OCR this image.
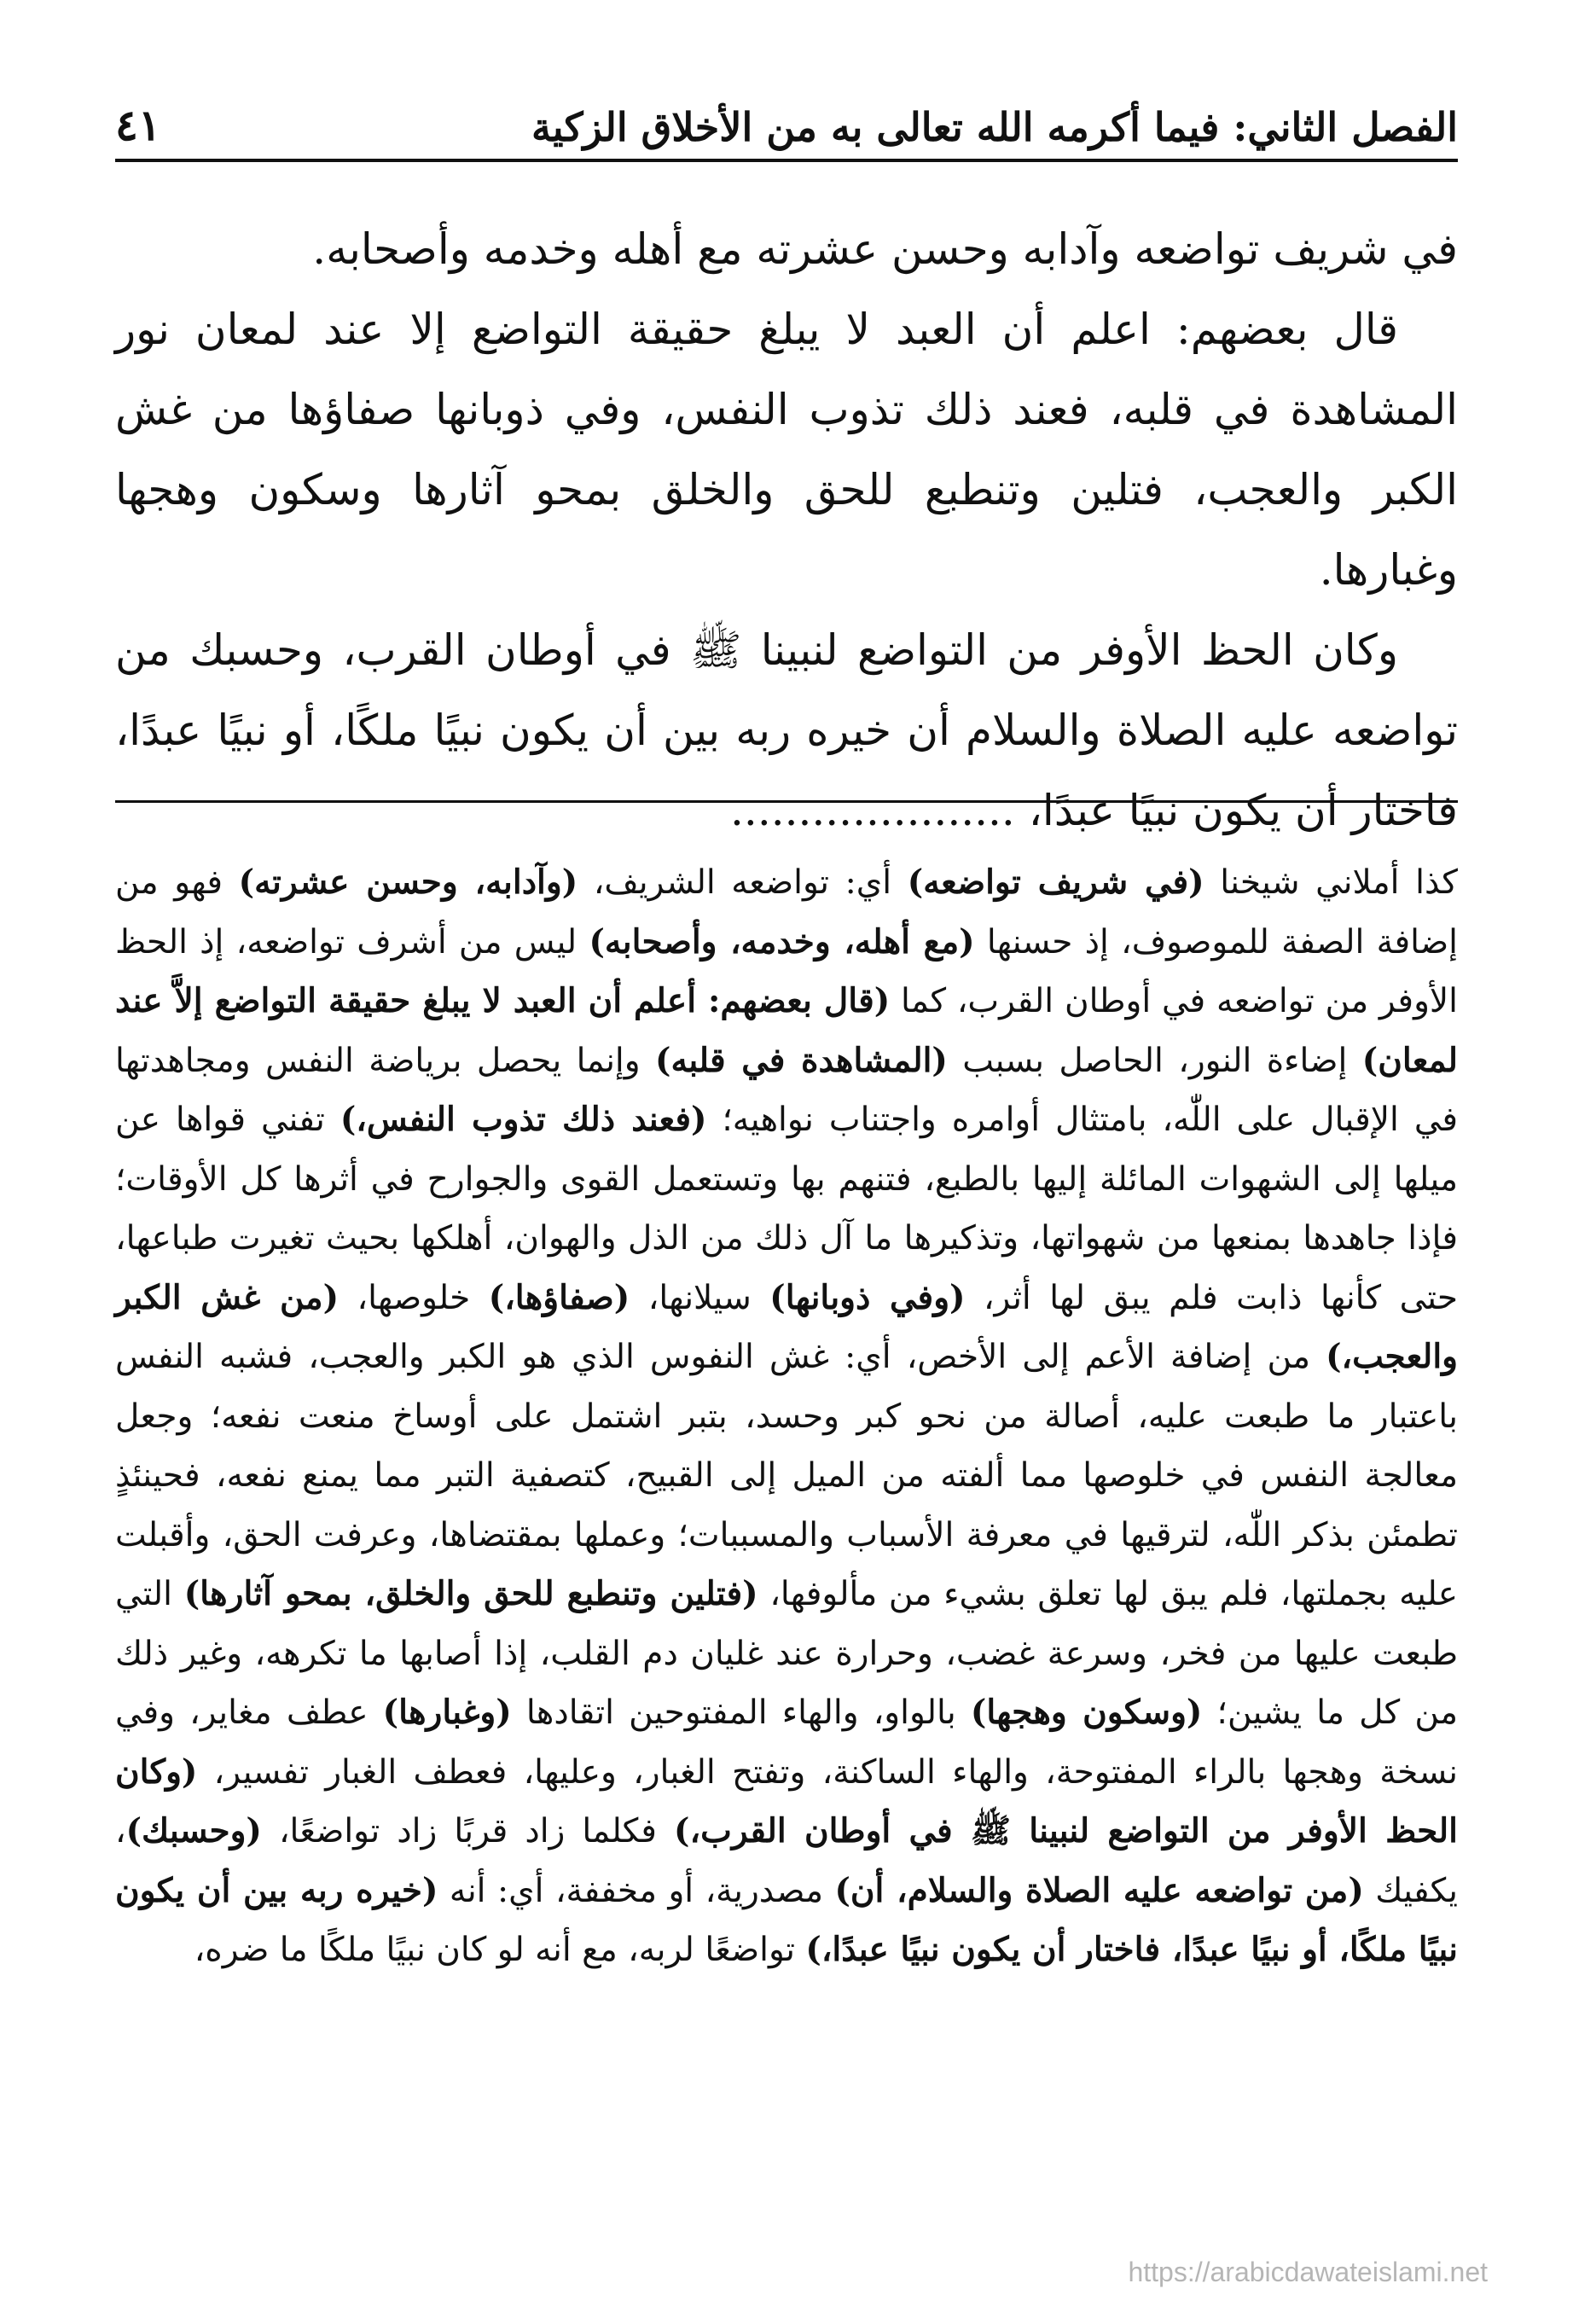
الفصل الثاني: فيما أكرمه الله تعالى به من الأخلاق الزكية
٤١

في شريف تواضعه وآدابه وحسن عشرته مع أهله وخدمه وأصحابه.

قال بعضهم: اعلم أن العبد لا يبلغ حقيقة التواضع إلا عند لمعان نور المشاهدة في قلبه، فعند ذلك تذوب النفس، وفي ذوبانها صفاؤها من غش الكبر والعجب، فتلين وتنطبع للحق والخلق بمحو آثارها وسكون وهجها وغبارها.

وكان الحظ الأوفر من التواضع لنبينا ﷺ في أوطان القرب، وحسبك من تواضعه عليه الصلاة والسلام أن خيره ربه بين أن يكون نبيًا ملكًا، أو نبيًا عبدًا، فاختار أن يكون نبيًا عبدًا، .....................

كذا أملاني شيخنا (في شريف تواضعه) أي: تواضعه الشريف، (وآدابه، وحسن عشرته) فهو من إضافة الصفة للموصوف، إذ حسنها (مع أهله، وخدمه، وأصحابه) ليس من أشرف تواضعه، إذ الحظ الأوفر من تواضعه في أوطان القرب، كما (قال بعضهم: أعلم أن العبد لا يبلغ حقيقة التواضع إلاَّ عند لمعان) إضاءة النور، الحاصل بسبب (المشاهدة في قلبه) وإنما يحصل برياضة النفس ومجاهدتها في الإقبال على اللّٰه، بامتثال أوامره واجتناب نواهيه؛ (فعند ذلك تذوب النفس،) تفني قواها عن ميلها إلى الشهوات المائلة إليها بالطبع، فتنهم بها وتستعمل القوى والجوارح في أثرها كل الأوقات؛ فإذا جاهدها بمنعها من شهواتها، وتذكيرها ما آل ذلك من الذل والهوان، أهلكها بحيث تغيرت طباعها، حتى كأنها ذابت فلم يبق لها أثر، (وفي ذوبانها) سيلانها، (صفاؤها،) خلوصها، (من غش الكبر والعجب،) من إضافة الأعم إلى الأخص، أي: غش النفوس الذي هو الكبر والعجب، فشبه النفس باعتبار ما طبعت عليه، أصالة من نحو كبر وحسد، بتبر اشتمل على أوساخ منعت نفعه؛ وجعل معالجة النفس في خلوصها مما ألفته من الميل إلى القبيح، كتصفية التبر مما يمنع نفعه، فحينئذٍ تطمئن بذكر اللّٰه، لترقيها في معرفة الأسباب والمسببات؛ وعملها بمقتضاها، وعرفت الحق، وأقبلت عليه بجملتها، فلم يبق لها تعلق بشيء من مألوفها، (فتلين وتنطبع للحق والخلق، بمحو آثارها) التي طبعت عليها من فخر، وسرعة غضب، وحرارة عند غليان دم القلب، إذا أصابها ما تكرهه، وغير ذلك من كل ما يشين؛ (وسكون وهجها) بالواو، والهاء المفتوحين اتقادها (وغبارها) عطف مغاير، وفي نسخة وهجها بالراء المفتوحة، والهاء الساكنة، وتفتح الغبار، وعليها، فعطف الغبار تفسير، (وكان الحظ الأوفر من التواضع لنبينا ﷺ في أوطان القرب،) فكلما زاد قربًا زاد تواضعًا، (وحسبك)، يكفيك (من تواضعه عليه الصلاة والسلام، أن) مصدرية، أو مخففة، أي: أنه (خيره ربه بين أن يكون نبيًا ملكًا، أو نبيًا عبدًا، فاختار أن يكون نبيًا عبدًا،) تواضعًا لربه، مع أنه لو كان نبيًا ملكًا ما ضره،

https://arabicdawateislami.net
